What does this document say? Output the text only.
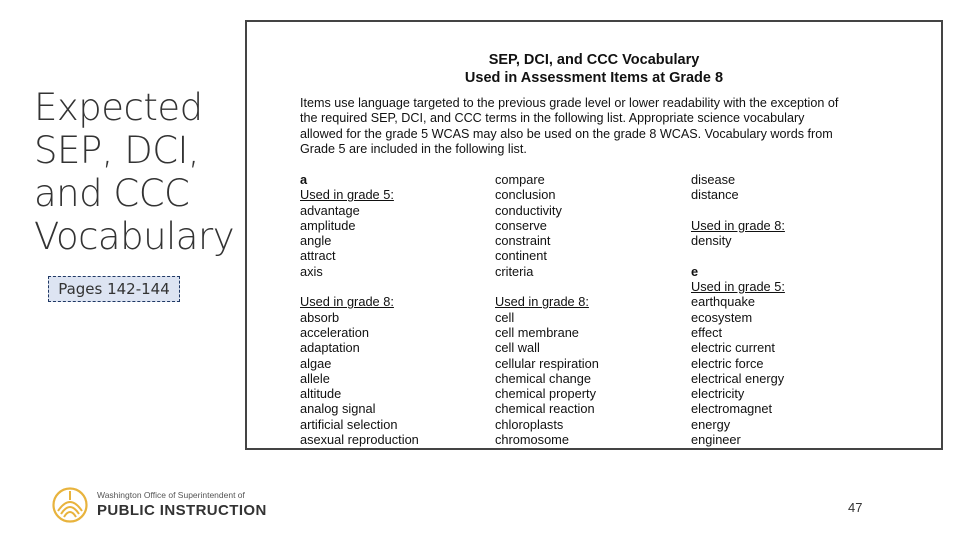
Expected
SEP, DCI,
and CCC
Vocabulary
Pages 142-144
SEP, DCI, and CCC Vocabulary
Used in Assessment Items at Grade 8
Items use language targeted to the previous grade level or lower readability with the exception of
the required SEP, DCI, and CCC terms in the following list. Appropriate science vocabulary
allowed for the grade 5 WCAS may also be used on the grade 8 WCAS. Vocabulary words from
Grade 5 are included in the following list.
a
Used in grade 5:
advantage
amplitude
angle
attract
axis
Used in grade 8:
absorb
acceleration
adaptation
algae
allele
altitude
analog signal
artificial selection
asexual reproduction
compare
conclusion
conductivity
conserve
constraint
continent
criteria
Used in grade 8:
cell
cell membrane
cell wall
cellular respiration
chemical change
chemical property
chemical reaction
chloroplasts
chromosome
disease
distance
Used in grade 8:
density
e
Used in grade 5:
earthquake
ecosystem
effect
electric current
electric force
electrical energy
electricity
electromagnet
energy
engineer
Washington Office of Superintendent of
PUBLIC INSTRUCTION	47
